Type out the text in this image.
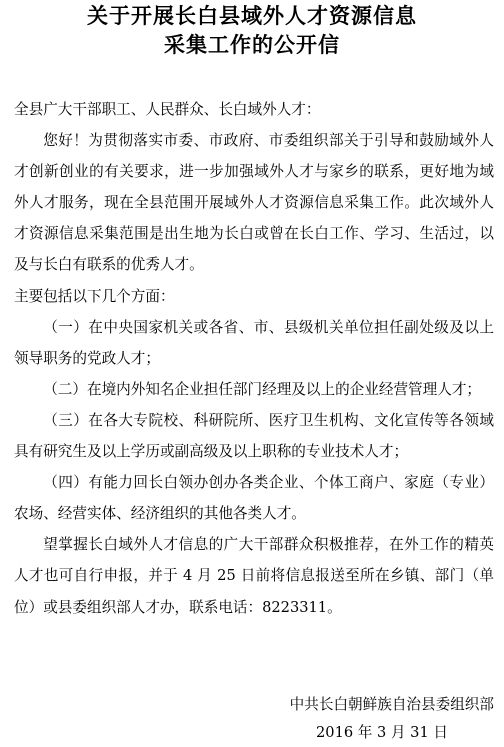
关于开展长白县域外人才资源信息
采集工作的公开信

全县广大干部职工、人民群众、长白域外人才：

您好！为贯彻落实市委、市政府、市委组织部关于引导和鼓励域外人才创新创业的有关要求，进一步加强域外人才与家乡的联系，更好地为域外人才服务，现在全县范围开展域外人才资源信息采集工作。此次域外人才资源信息采集范围是出生地为长白或曾在长白工作、学习、生活过，以及与长白有联系的优秀人才。

主要包括以下几个方面：

（一）在中央国家机关或各省、市、县级机关单位担任副处级及以上领导职务的党政人才；

（二）在境内外知名企业担任部门经理及以上的企业经营管理人才；

（三）在各大专院校、科研院所、医疗卫生机构、文化宣传等各领域具有研究生及以上学历或副高级及以上职称的专业技术人才；

（四）有能力回长白领办创办各类企业、个体工商户、家庭（专业）农场、经营实体、经济组织的其他各类人才。

望掌握长白域外人才信息的广大干部群众积极推荐，在外工作的精英人才也可自行申报，并于 4 月 25 日前将信息报送至所在乡镇、部门（单位）或县委组织部人才办，联系电话：8223311。

中共长白朝鲜族自治县委组织部
2016 年 3 月 31 日
